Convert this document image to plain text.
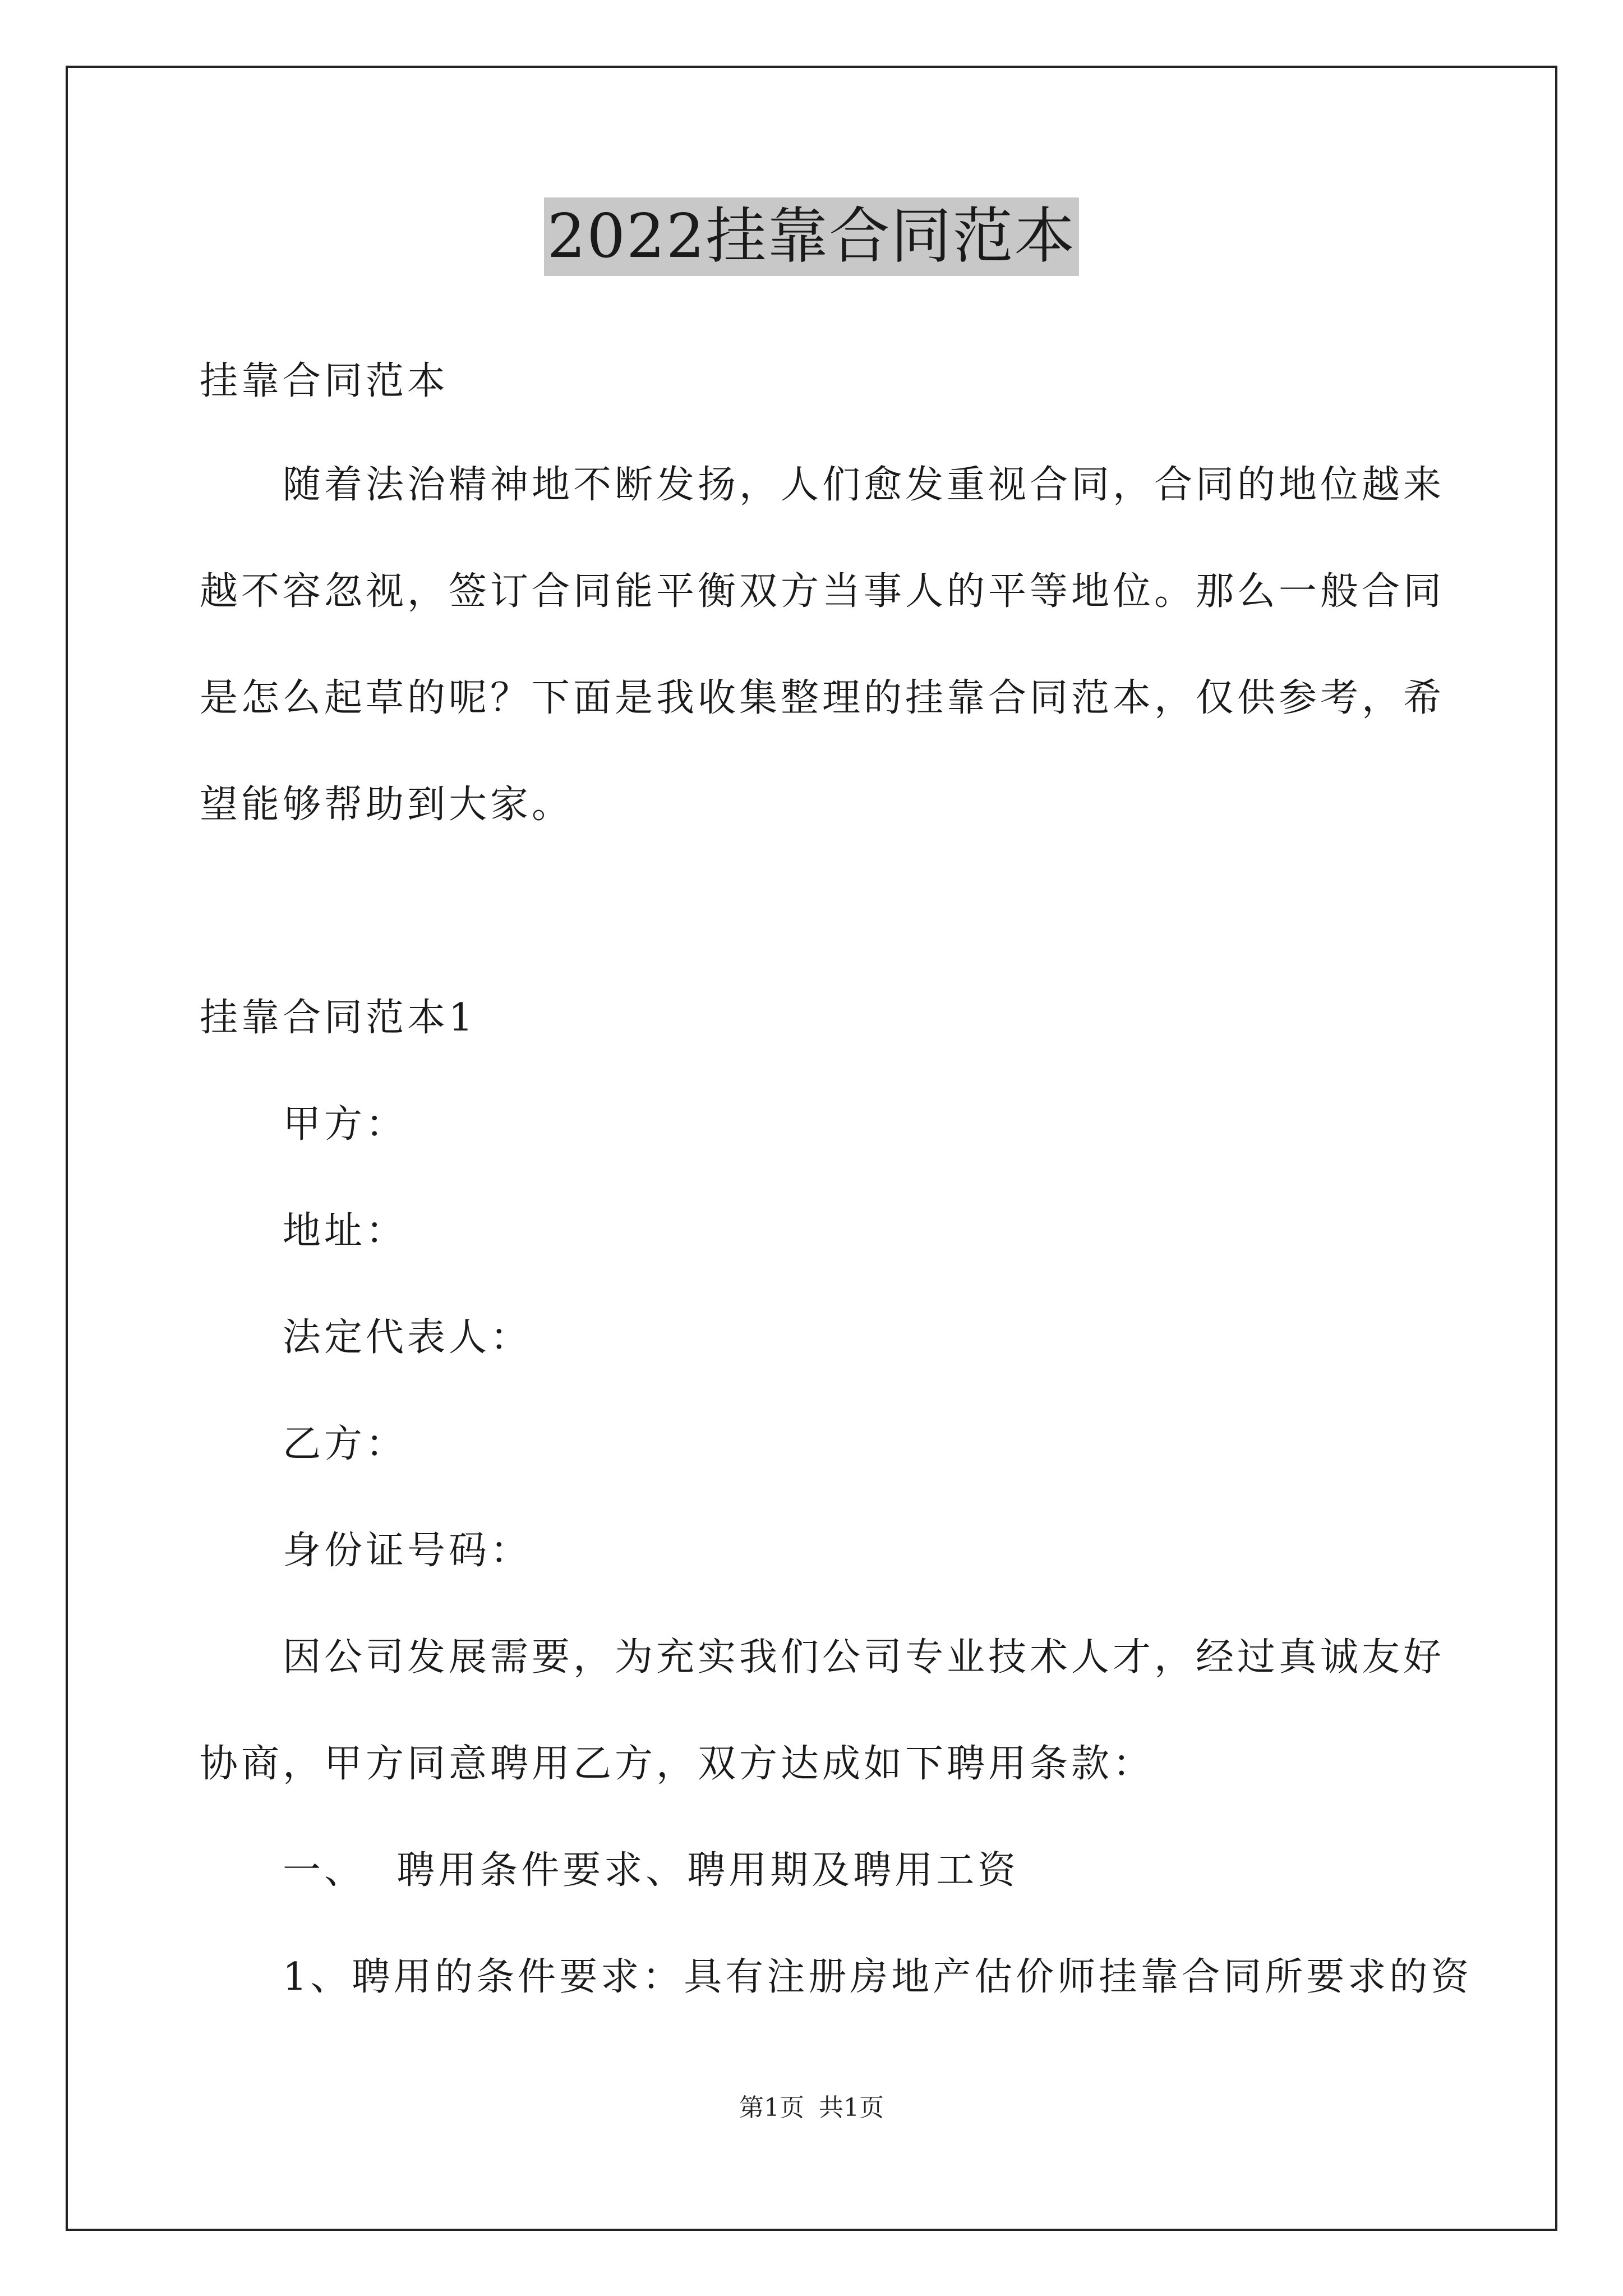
2022挂靠合同范本
挂靠合同范本
随着法治精神地不断发扬，人们愈发重视合同，合同的地位越来
越不容忽视，签订合同能平衡双方当事人的平等地位。那么一般合同
是怎么起草的呢？下面是我收集整理的挂靠合同范本，仅供参考，希
望能够帮助到大家。
挂靠合同范本1
甲方：
地址：
法定代表人：
乙方：
身份证号码：
因公司发展需要，为充实我们公司专业技术人才，经过真诚友好
协商，甲方同意聘用乙方，双方达成如下聘用条款：
一、  聘用条件要求、聘用期及聘用工资
1、聘用的条件要求：具有注册房地产估价师挂靠合同所要求的资
第1页 共1页
